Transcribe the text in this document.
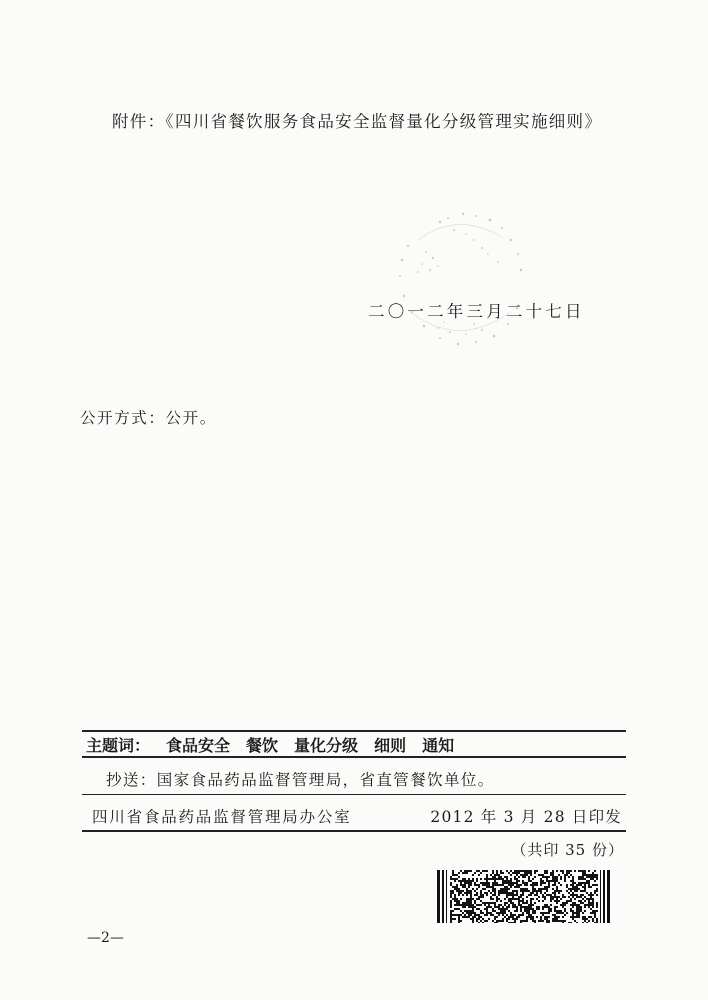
附件：《四川省餐饮服务食品安全监督量化分级管理实施细则》
二〇一二年三月二十七日
公开方式：公开。
主题词： 食品安全 餐饮 量化分级 细则 通知
抄送：国家食品药品监督管理局，省直管餐饮单位。
四川省食品药品监督管理局办公室	2012 年 3 月 28 日印发
（共印 35 份）
—2—
